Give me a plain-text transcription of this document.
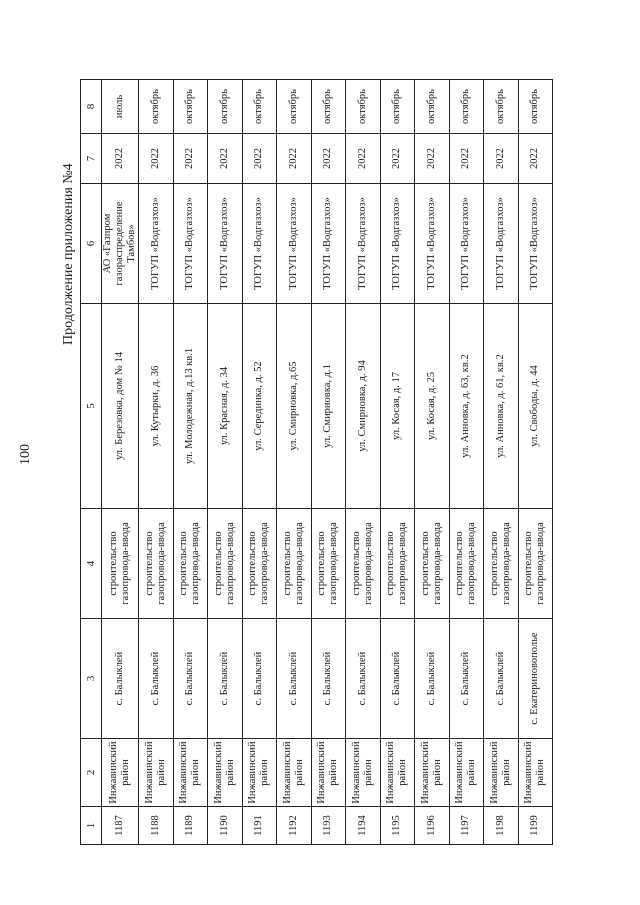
100
Продолжение приложения №4
1	2	3	4	5	6	7	8
1187	Инжавинский район	с. Балыклей	строительство газопровода-ввода	ул. Березовка, дом № 14	АО «Газпром газораспределение Тамбов»	2022	июль
1188	Инжавинский район	с. Балыклей	строительство газопровода-ввода	ул. Кутырки, д. 36	ТОГУП «Водгазхоз»	2022	октябрь
1189	Инжавинский район	с. Балыклей	строительство газопровода-ввода	ул. Молодежная, д.13 кв.1	ТОГУП «Водгазхоз»	2022	октябрь
1190	Инжавинский район	с. Балыклей	строительство газопровода-ввода	ул. Красная, д. 34	ТОГУП «Водгазхоз»	2022	октябрь
1191	Инжавинский район	с. Балыклей	строительство газопровода-ввода	ул. Серединка, д. 52	ТОГУП «Водгазхоз»	2022	октябрь
1192	Инжавинский район	с. Балыклей	строительство газопровода-ввода	ул. Смирновка, д.65	ТОГУП «Водгазхоз»	2022	октябрь
1193	Инжавинский район	с. Балыклей	строительство газопровода-ввода	ул. Смирновка, д.1	ТОГУП «Водгазхоз»	2022	октябрь
1194	Инжавинский район	с. Балыклей	строительство газопровода-ввода	ул. Смирновка, д. 94	ТОГУП «Водгазхоз»	2022	октябрь
1195	Инжавинский район	с. Балыклей	строительство газопровода-ввода	ул. Косая, д. 17	ТОГУП «Водгазхоз»	2022	октябрь
1196	Инжавинский район	с. Балыклей	строительство газопровода-ввода	ул. Косая, д. 25	ТОГУП «Водгазхоз»	2022	октябрь
1197	Инжавинский район	с. Балыклей	строительство газопровода-ввода	ул. Анновка, д. 63, кв.2	ТОГУП «Водгазхоз»	2022	октябрь
1198	Инжавинский район	с. Балыклей	строительство газопровода-ввода	ул. Анновка, д. 61, кв.2	ТОГУП «Водгазхоз»	2022	октябрь
1199	Инжавинский район	с. Екатериновопольe	строительство газопровода-ввода	ул. Свободы, д. 44	ТОГУП «Водгазхоз»	2022	октябрь
